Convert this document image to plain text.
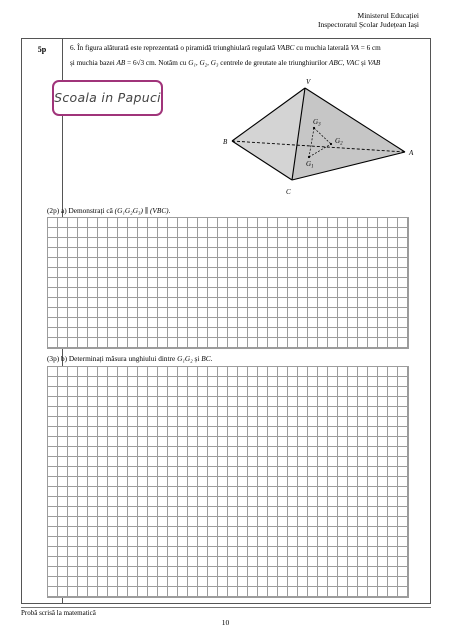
Ministerul Educației
Inspectoratul Școlar Județean Iași
5p	6. În figura alăturată este reprezentată o piramidă triunghiulară regulată VABC cu muchia laterală VA = 6 cm
și muchia bazei AB = 6√3 cm. Notăm cu G₁, G₂, G₃ centrele de greutate ale triunghiurilor ABC, VAC și VAB
Scoala in Papuci
V
B
A
C
$G_3$
$G_2$
$G_1$
(2p) a) Demonstrați că (G₁G₂G₃) ∥ (VBC).
(3p) b) Determinați măsura unghiului dintre G₁G₂ și BC.
Probă scrisă la matematică
10
